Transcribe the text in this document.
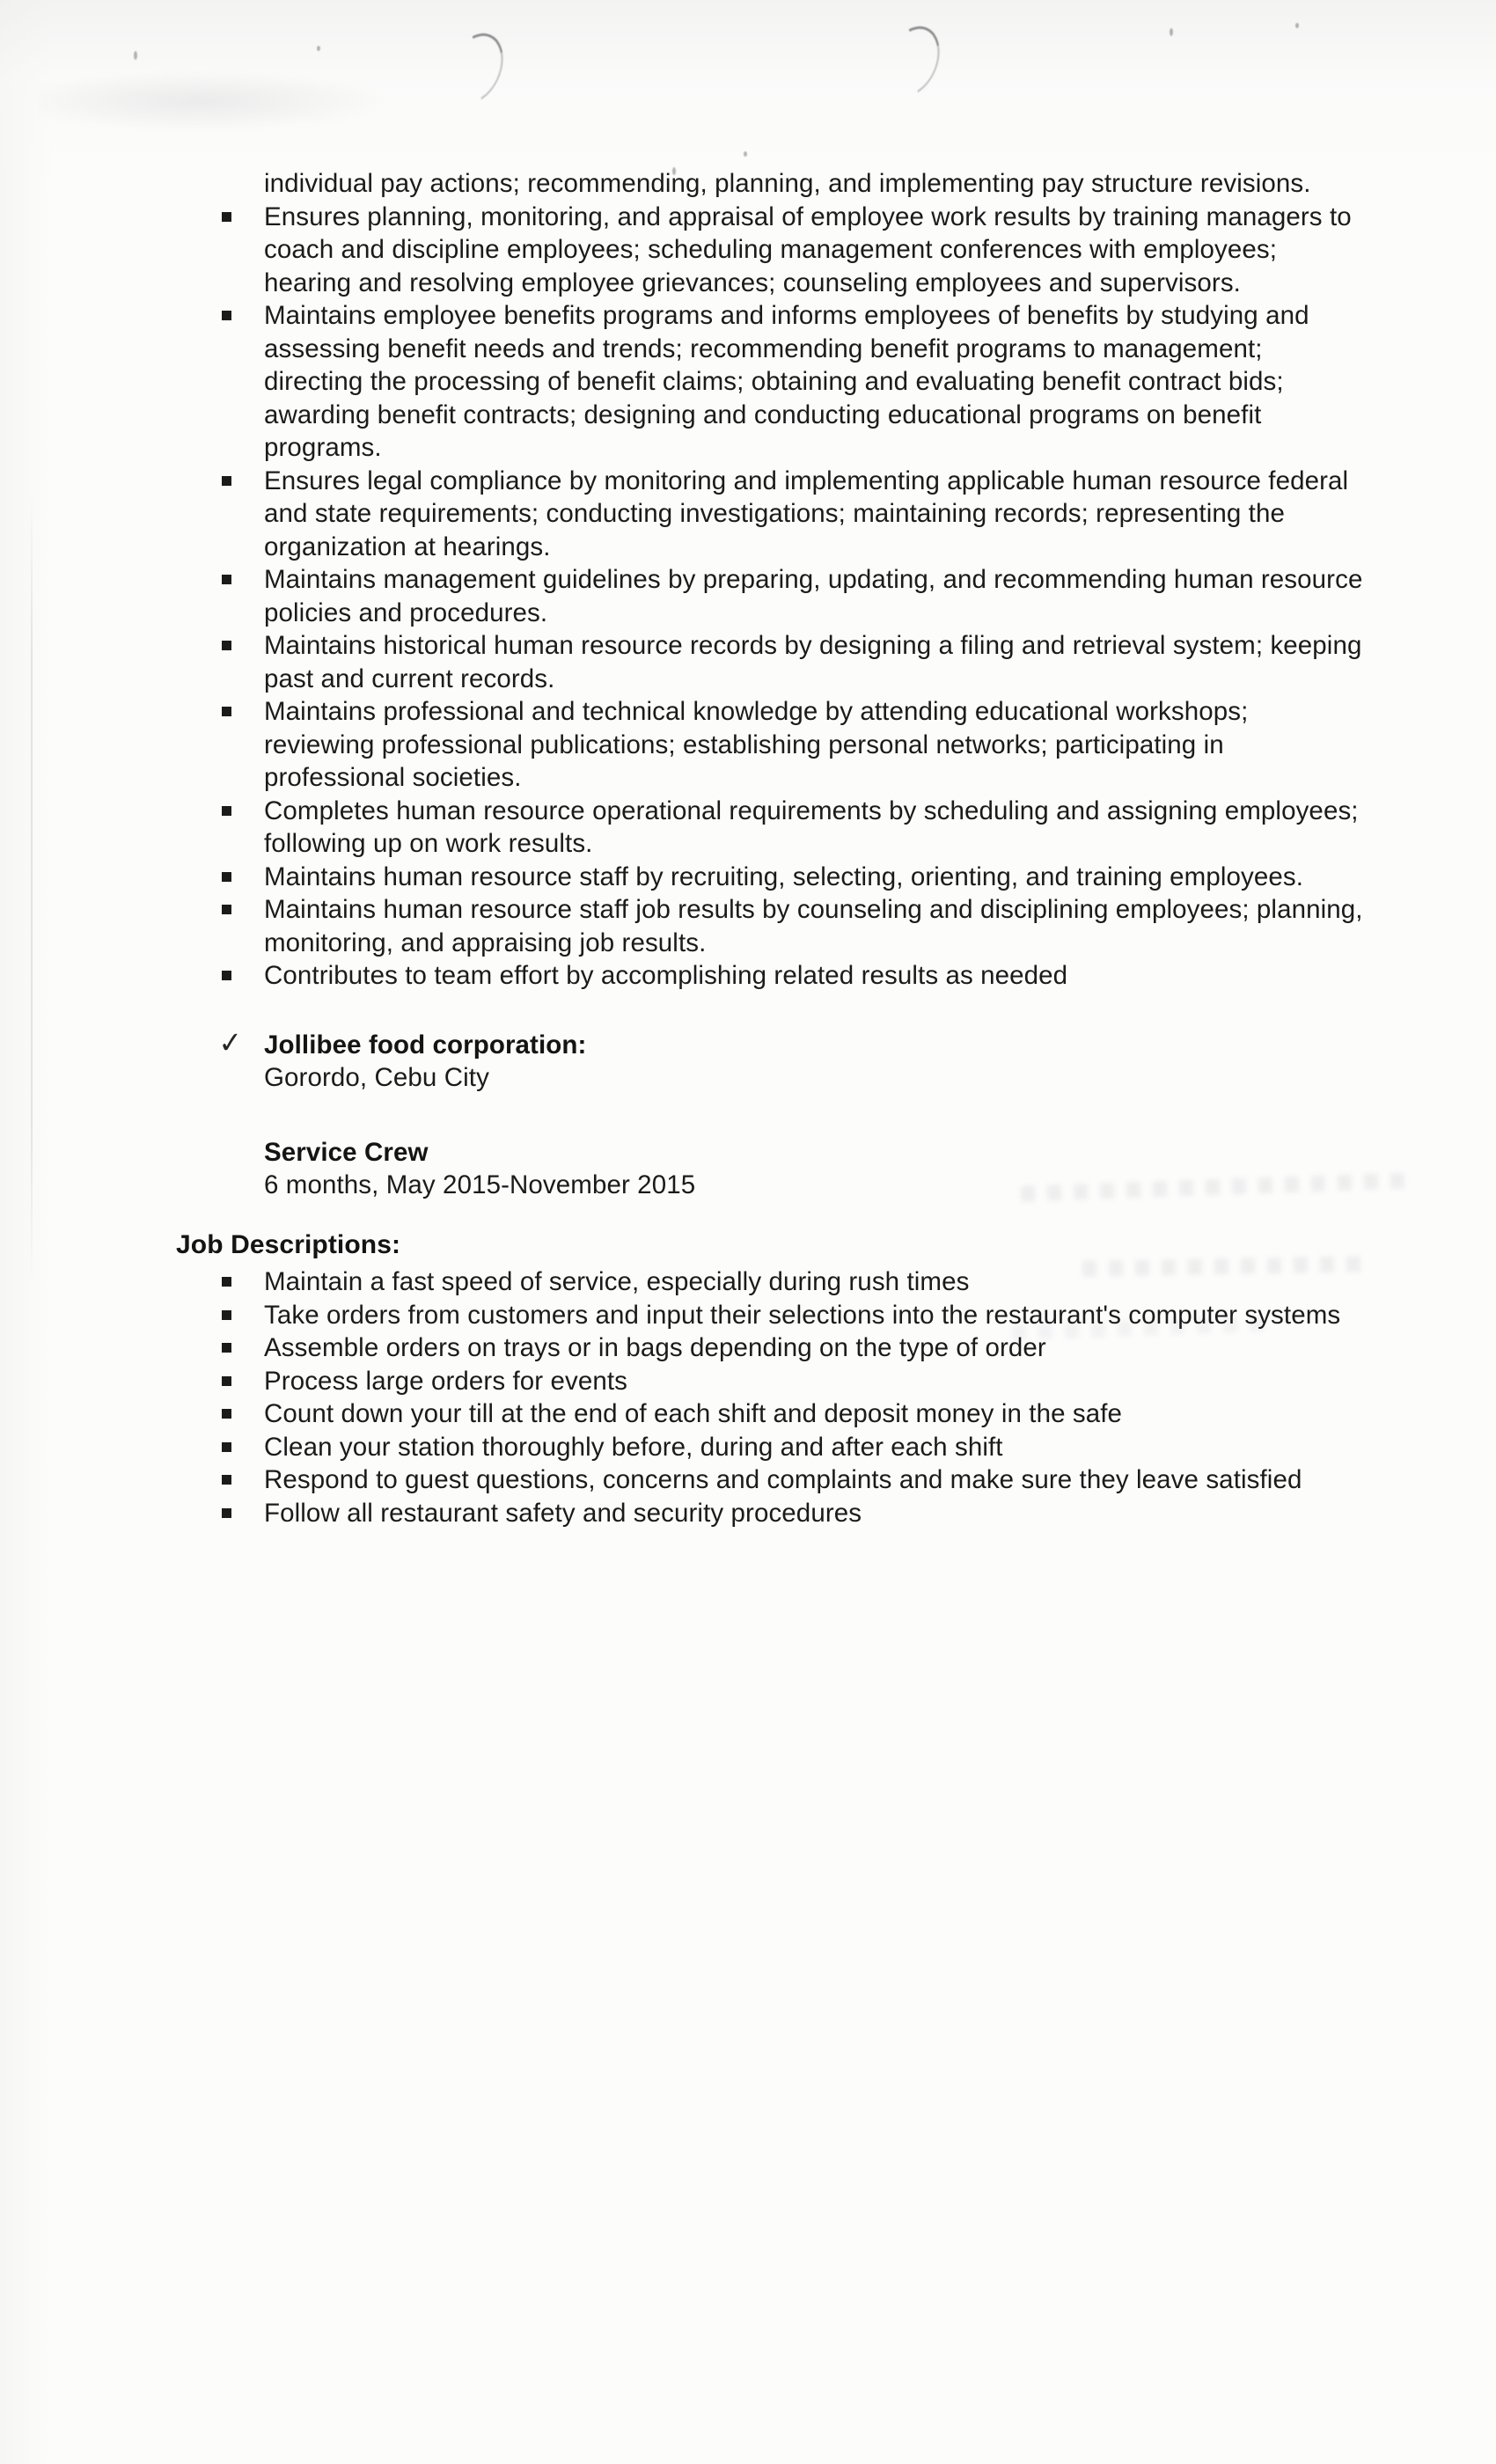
individual pay actions; recommending, planning, and implementing pay structure revisions.

Ensures planning, monitoring, and appraisal of employee work results by training managers to coach and discipline employees; scheduling management conferences with employees; hearing and resolving employee grievances; counseling employees and supervisors.
Maintains employee benefits programs and informs employees of benefits by studying and assessing benefit needs and trends; recommending benefit programs to management; directing the processing of benefit claims; obtaining and evaluating benefit contract bids; awarding benefit contracts; designing and conducting educational programs on benefit programs.
Ensures legal compliance by monitoring and implementing applicable human resource federal and state requirements; conducting investigations; maintaining records; representing the organization at hearings.
Maintains management guidelines by preparing, updating, and recommending human resource policies and procedures.
Maintains historical human resource records by designing a filing and retrieval system; keeping past and current records.
Maintains professional and technical knowledge by attending educational workshops; reviewing professional publications; establishing personal networks; participating in professional societies.
Completes human resource operational requirements by scheduling and assigning employees; following up on work results.
Maintains human resource staff by recruiting, selecting, orienting, and training employees.
Maintains human resource staff job results by counseling and disciplining employees; planning, monitoring, and appraising job results.
Contributes to team effort by accomplishing related results as needed
✓ Jollibee food corporation:
Gorordo, Cebu City
Service Crew
6 months, May 2015-November 2015
Job Descriptions:
Maintain a fast speed of service, especially during rush times
Take orders from customers and input their selections into the restaurant's computer systems
Assemble orders on trays or in bags depending on the type of order
Process large orders for events
Count down your till at the end of each shift and deposit money in the safe
Clean your station thoroughly before, during and after each shift
Respond to guest questions, concerns and complaints and make sure they leave satisfied
Follow all restaurant safety and security procedures
